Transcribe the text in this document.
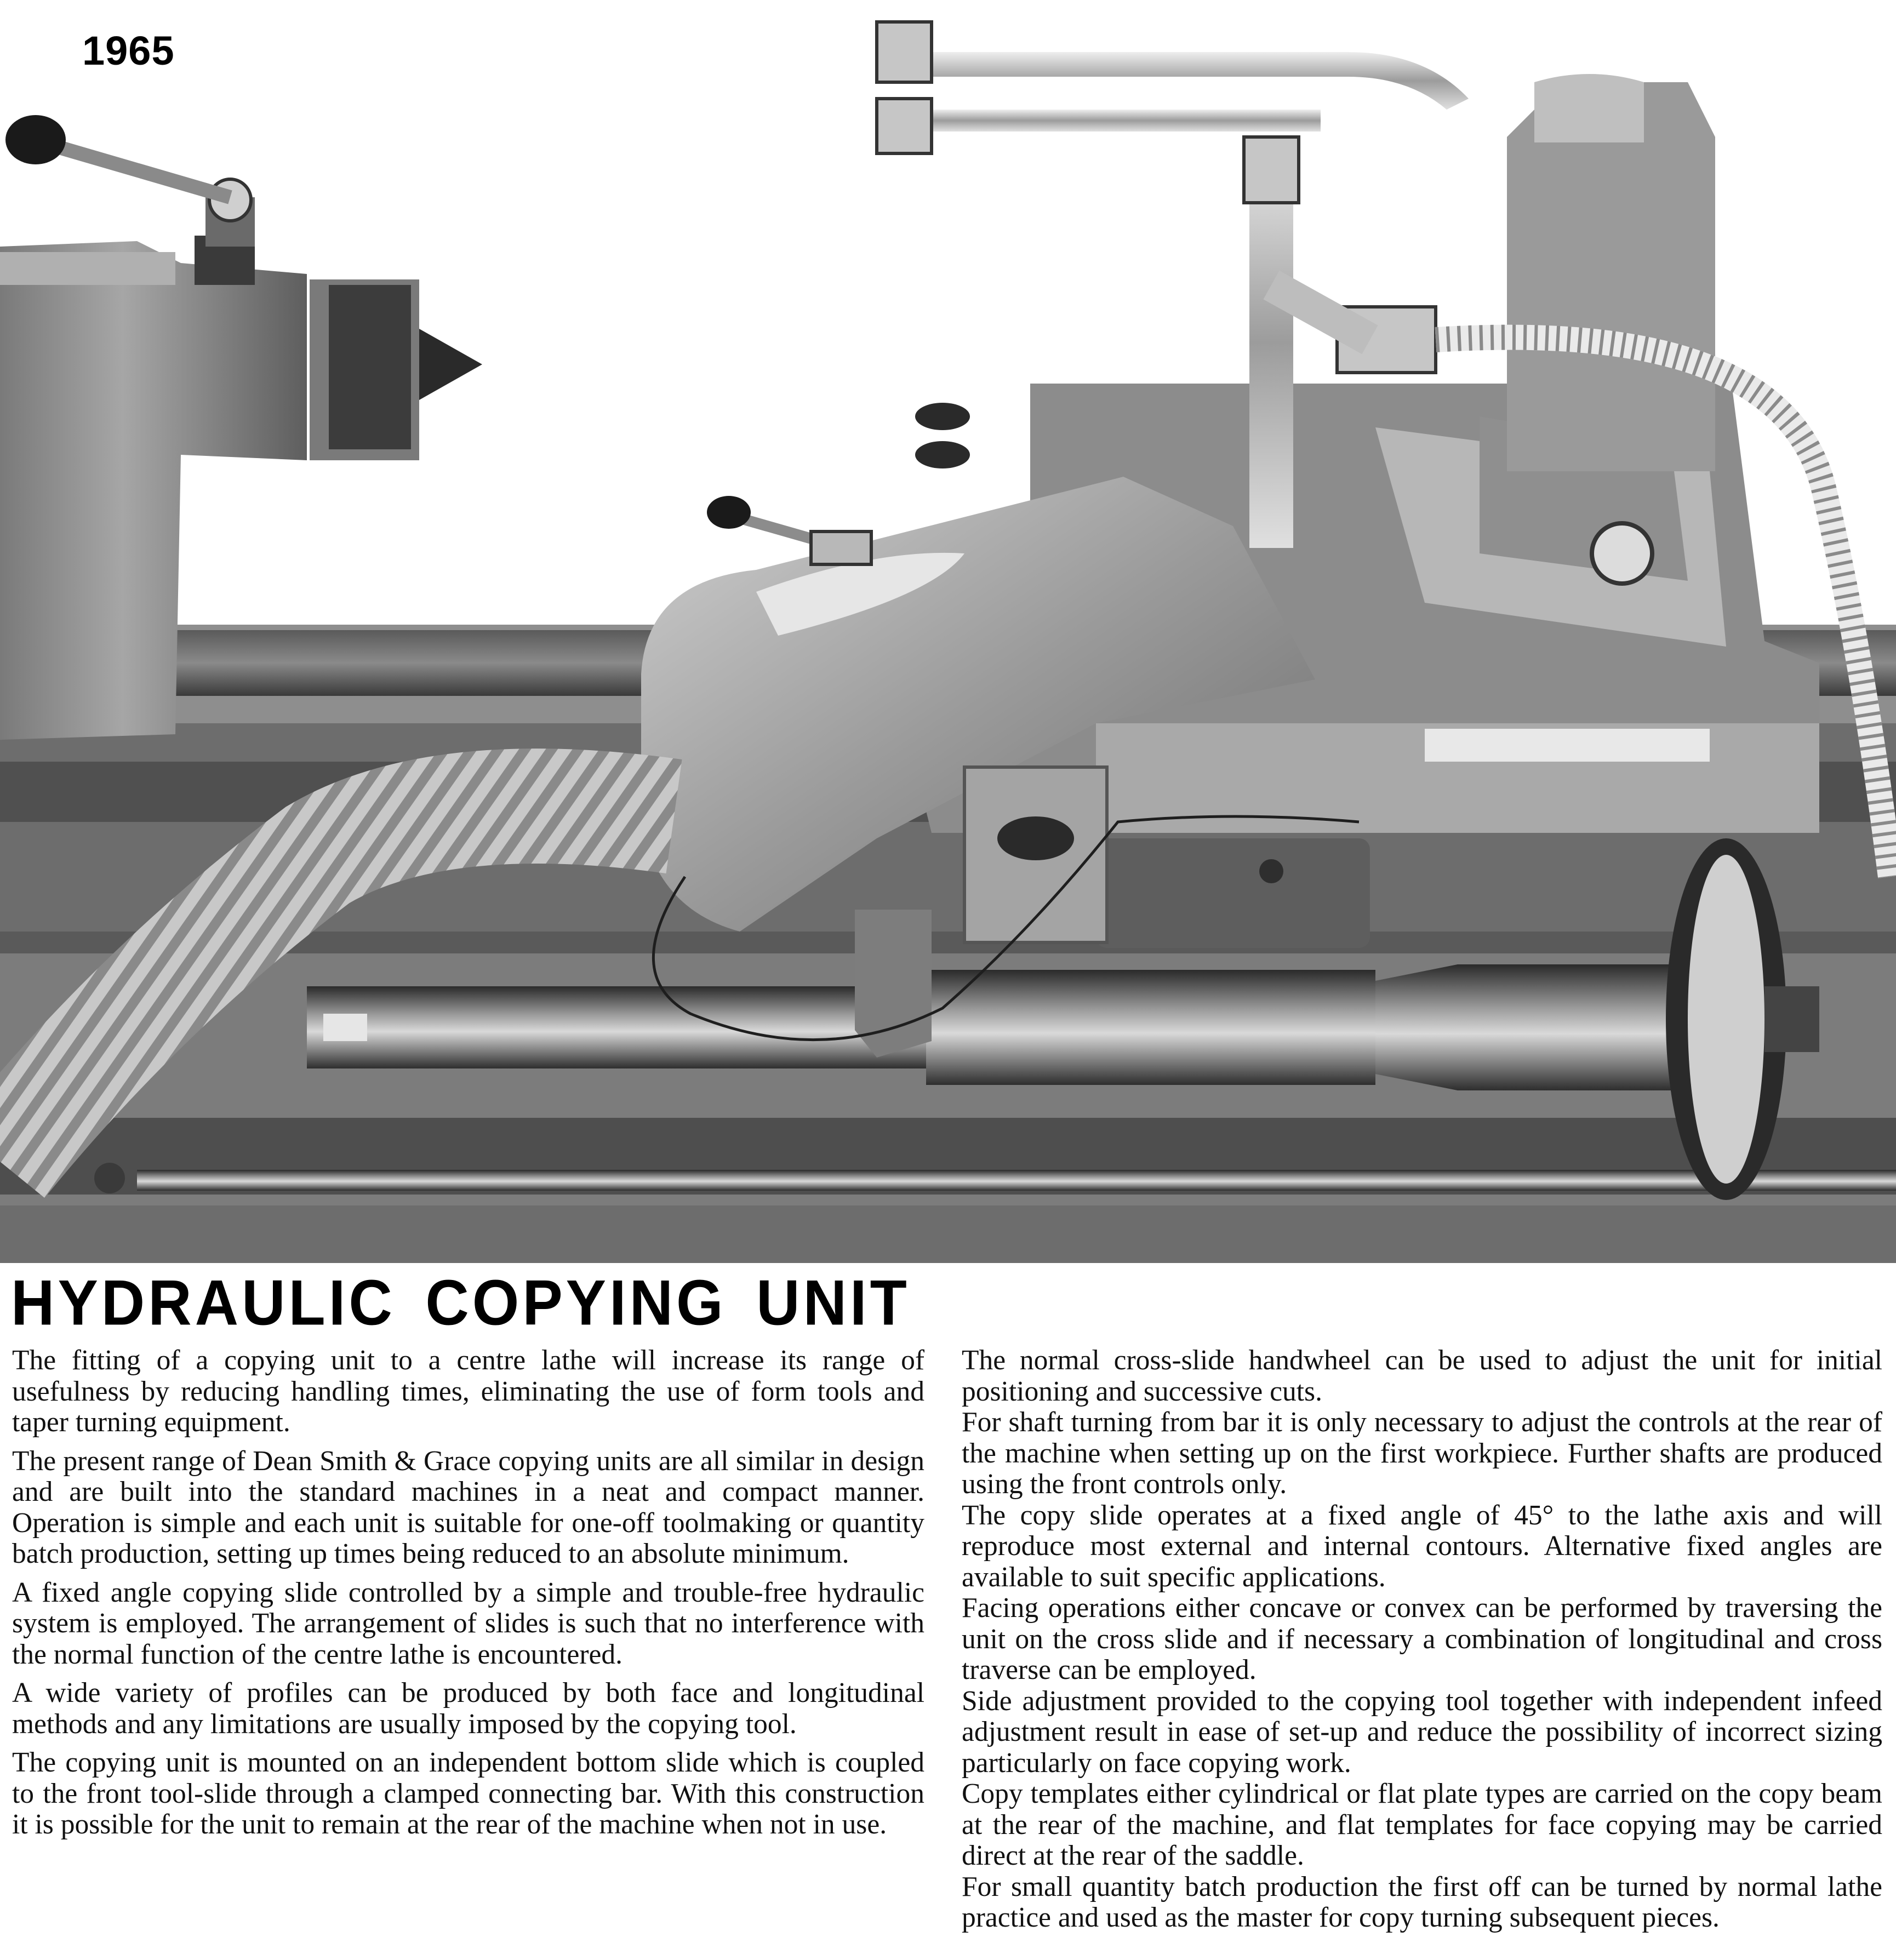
1965
HYDRAULIC COPYING UNIT

The fitting of a copying unit to a centre lathe will increase its range of usefulness by reducing handling times, eliminating the use of form tools and taper turning equipment.

The present range of Dean Smith & Grace copying units are all similar in design and are built into the standard machines in a neat and compact manner. Operation is simple and each unit is suitable for one-off toolmaking or quantity batch production, setting up times being reduced to an absolute minimum.

A fixed angle copying slide controlled by a simple and trouble-free hydraulic system is employed. The arrangement of slides is such that no interference with the normal function of the centre lathe is encountered.

A wide variety of profiles can be produced by both face and longitudinal methods and any limitations are usually imposed by the copying tool.

The copying unit is mounted on an independent bottom slide which is coupled to the front tool-slide through a clamped connecting bar. With this construction it is possible for the unit to remain at the rear of the machine when not in use.

The normal cross-slide handwheel can be used to adjust the unit for initial positioning and successive cuts.

For shaft turning from bar it is only necessary to adjust the controls at the rear of the machine when setting up on the first workpiece. Further shafts are produced using the front controls only.

The copy slide operates at a fixed angle of 45° to the lathe axis and will reproduce most external and internal contours. Alternative fixed angles are available to suit specific applications.

Facing operations either concave or convex can be performed by traversing the unit on the cross slide and if necessary a combination of longitudinal and cross traverse can be employed.

Side adjustment provided to the copying tool together with independent infeed adjustment result in ease of set-up and reduce the possibility of incorrect sizing particularly on face copying work.

Copy templates either cylindrical or flat plate types are carried on the copy beam at the rear of the machine, and flat templates for face copying may be carried direct at the rear of the saddle.

For small quantity batch production the first off can be turned by normal lathe practice and used as the master for copy turning subsequent pieces.
